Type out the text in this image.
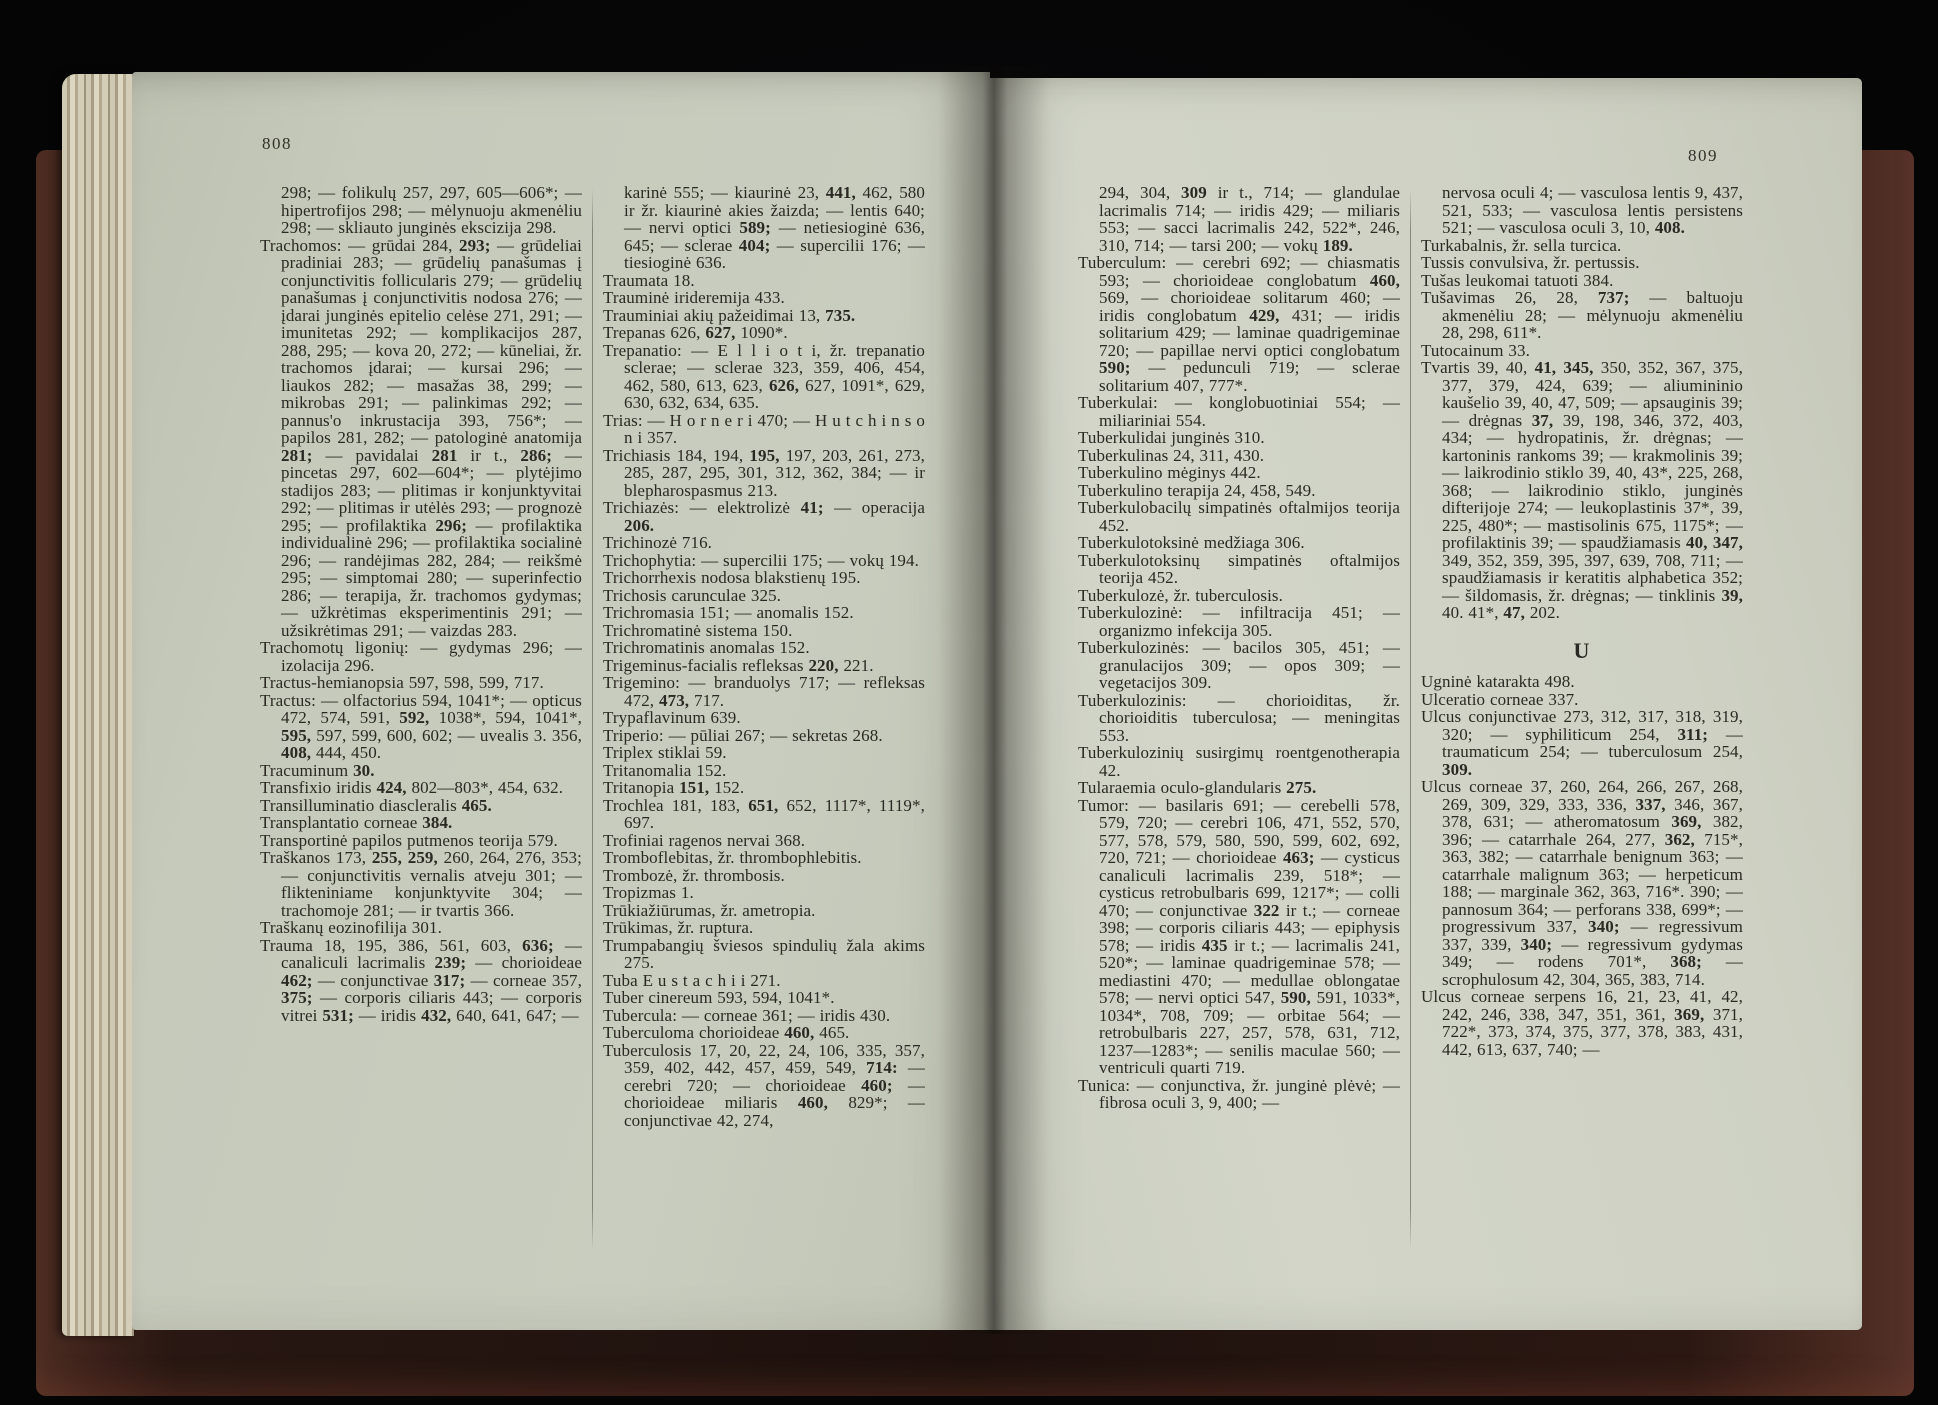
808

298; — folikulų 257, 297, 605—606*; — hipertrofijos 298; — mėlynuoju akmenėliu 298; — skliauto junginės ekscizija 298.

Trachomos: — grūdai 284, 293; — grūdeliai pradiniai 283; — grūdelių panašumas į conjunctivitis follicularis 279; — grūdelių panašumas į conjunctivitis nodosa 276; — įdarai junginės epitelio celėse 271, 291; — imunitetas 292; — komplikacijos 287, 288, 295; — kova 20, 272; — kūneliai, žr. trachomos įdarai; — kursai 296; — liaukos 282; — masažas 38, 299; — mikrobas 291; — palinkimas 292; — pannus'o inkrustacija 393, 756*; — papilos 281, 282; — patologinė anatomija 281; — pavidalai 281 ir t., 286; — pincetas 297, 602—604*; — plytėjimo stadijos 283; — plitimas ir konjunktyvitai 292; — plitimas ir utėlės 293; — prognozė 295; — profilaktika 296; — profilaktika individualinė 296; — profilaktika socialinė 296; — randėjimas 282, 284; — reikšmė 295; — simptomai 280; — superinfectio 286; — terapija, žr. trachomos gydymas; — užkrėtimas eksperimentinis 291; — užsikrėtimas 291; — vaizdas 283.

Trachomotų ligonių: — gydymas 296; — izolacija 296.

Tractus-hemianopsia 597, 598, 599, 717.

Tractus: — olfactorius 594, 1041*; — opticus 472, 574, 591, 592, 1038*, 594, 1041*, 595, 597, 599, 600, 602; — uvealis 3. 356, 408, 444, 450.

Tracuminum 30.

Transfixio iridis 424, 802—803*, 454, 632.

Transilluminatio diascleralis 465.

Transplantatio corneae 384.

Transportinė papilos putmenos teorija 579.

Traškanos 173, 255, 259, 260, 264, 276, 353; — conjunctivitis vernalis atveju 301; — flikteniniame konjunktyvite 304; — trachomoje 281; — ir tvartis 366.

Traškanų eozinofilija 301.

Trauma 18, 195, 386, 561, 603, 636; — canaliculi lacrimalis 239; — chorioideae 462; — conjunctivae 317; — corneae 357, 375; — corporis ciliaris 443; — corporis vitrei 531; — iridis 432, 640, 641, 647; —

karinė 555; — kiaurinė 23, 441, 462, 580 ir žr. kiaurinė akies žaizda; — lentis 640; — nervi optici 589; — netiesioginė 636, 645; — sclerae 404; — supercilii 176; — tiesioginė 636.

Traumata 18.

Trauminė irideremija 433.

Trauminiai akių pažeidimai 13, 735.

Trepanas 626, 627, 1090*.

Trepanatio: — E l l i o t i, žr. trepanatio sclerae; — sclerae 323, 359, 406, 454, 462, 580, 613, 623, 626, 627, 1091*, 629, 630, 632, 634, 635.

Trias: — H o r n e r i 470; — H u t c h i n s o n i 357.

Trichiasis 184, 194, 195, 197, 203, 261, 273, 285, 287, 295, 301, 312, 362, 384; — ir blepharospasmus 213.

Trichiazės: — elektrolizė 41; — operacija 206.

Trichinozė 716.

Trichophytia: — supercilii 175; — vokų 194.

Trichorrhexis nodosa blakstienų 195.

Trichosis carunculae 325.

Trichromasia 151; — anomalis 152.

Trichromatinė sistema 150.

Trichromatinis anomalas 152.

Trigeminus-facialis refleksas 220, 221.

Trigemino: — branduolys 717; — refleksas 472, 473, 717.

Trypaflavinum 639.

Triperio: — pūliai 267; — sekretas 268.

Triplex stiklai 59.

Tritanomalia 152.

Tritanopia 151, 152.

Trochlea 181, 183, 651, 652, 1117*, 1119*, 697.

Trofiniai ragenos nervai 368.

Tromboflebitas, žr. thrombophlebitis.

Trombozė, žr. thrombosis.

Tropizmas 1.

Trūkiažiūrumas, žr. ametropia.

Trūkimas, žr. ruptura.

Trumpabangių šviesos spindulių žala akims 275.

Tuba E u s t a c h i i 271.

Tuber cinereum 593, 594, 1041*.

Tubercula: — corneae 361; — iridis 430.

Tuberculoma chorioideae 460, 465.

Tuberculosis 17, 20, 22, 24, 106, 335, 357, 359, 402, 442, 457, 459, 549, 714: — cerebri 720; — chorioideae 460; — chorioideae miliaris 460, 829*; — conjunctivae 42, 274,

809

294, 304, 309 ir t., 714; — glandulae lacrimalis 714; — iridis 429; — miliaris 553; — sacci lacrimalis 242, 522*, 246, 310, 714; — tarsi 200; — vokų 189.

Tuberculum: — cerebri 692; — chiasmatis 593; — chorioideae conglobatum 460, 569, — chorioideae solitarum 460; — iridis conglobatum 429, 431; — iridis solitarium 429; — laminae quadrigeminae 720; — papillae nervi optici conglobatum 590; — pedunculi 719; — sclerae solitarium 407, 777*.

Tuberkulai: — konglobuotiniai 554; — miliariniai 554.

Tuberkulidai junginės 310.

Tuberkulinas 24, 311, 430.

Tuberkulino mėginys 442.

Tuberkulino terapija 24, 458, 549.

Tuberkulobacilų simpatinės oftalmijos teorija 452.

Tuberkulotoksinė medžiaga 306.

Tuberkulotoksinų simpatinės oftalmijos teorija 452.

Tuberkulozė, žr. tuberculosis.

Tuberkulozinė: — infiltracija 451; — organizmo infekcija 305.

Tuberkulozinės: — bacilos 305, 451; — granulacijos 309; — opos 309; — vegetacijos 309.

Tuberkulozinis: — chorioiditas, žr. chorioiditis tuberculosa; — meningitas 553.

Tuberkulozinių susirgimų roentgenotherapia 42.

Tularaemia oculo-glandularis 275.

Tumor: — basilaris 691; — cerebelli 578, 579, 720; — cerebri 106, 471, 552, 570, 577, 578, 579, 580, 590, 599, 602, 692, 720, 721; — chorioideae 463; — cysticus canaliculi lacrimalis 239, 518*; — cysticus retrobulbaris 699, 1217*; — colli 470; — conjunctivae 322 ir t.; — corneae 398; — corporis ciliaris 443; — epiphysis 578; — iridis 435 ir t.; — lacrimalis 241, 520*; — laminae quadrigeminae 578; — mediastini 470; — medullae oblongatae 578; — nervi optici 547, 590, 591, 1033*, 1034*, 708, 709; — orbitae 564; — retrobulbaris 227, 257, 578, 631, 712, 1237—1283*; — senilis maculae 560; — ventriculi quarti 719.

Tunica: — conjunctiva, žr. junginė plėvė; — fibrosa oculi 3, 9, 400; —

nervosa oculi 4; — vasculosa lentis 9, 437, 521, 533; — vasculosa lentis persistens 521; — vasculosa oculi 3, 10, 408.

Turkabalnis, žr. sella turcica.

Tussis convulsiva, žr. pertussis.

Tušas leukomai tatuoti 384.

Tušavimas 26, 28, 737; — baltuoju akmenėliu 28; — mėlynuoju akmenėliu 28, 298, 611*.

Tutocainum 33.

Tvartis 39, 40, 41, 345, 350, 352, 367, 375, 377, 379, 424, 639; — aliumininio kaušelio 39, 40, 47, 509; — apsauginis 39; — drėgnas 37, 39, 198, 346, 372, 403, 434; — hydropatinis, žr. drėgnas; — kartoninis rankoms 39; — krakmolinis 39; — laikrodinio stiklo 39, 40, 43*, 225, 268, 368; — laikrodinio stiklo, junginės difterijoje 274; — leukoplastinis 37*, 39, 225, 480*; — mastisolinis 675, 1175*; — profilaktinis 39; — spaudžiamasis 40, 347, 349, 352, 359, 395, 397, 639, 708, 711; — spaudžiamasis ir keratitis alphabetica 352; — šildomasis, žr. drėgnas; — tinklinis 39, 40. 41*, 47, 202.

U

Ugninė katarakta 498.

Ulceratio corneae 337.

Ulcus conjunctivae 273, 312, 317, 318, 319, 320; — syphiliticum 254, 311; — traumaticum 254; — tuberculosum 254, 309.

Ulcus corneae 37, 260, 264, 266, 267, 268, 269, 309, 329, 333, 336, 337, 346, 367, 378, 631; — atheromatosum 369, 382, 396; — catarrhale 264, 277, 362, 715*, 363, 382; — catarrhale benignum 363; — catarrhale malignum 363; — herpeticum 188; — marginale 362, 363, 716*. 390; — pannosum 364; — perforans 338, 699*; — progressivum 337, 340; — regressivum 337, 339, 340; — regressivum gydymas 349; — rodens 701*, 368; — scrophulosum 42, 304, 365, 383, 714.

Ulcus corneae serpens 16, 21, 23, 41, 42, 242, 246, 338, 347, 351, 361, 369, 371, 722*, 373, 374, 375, 377, 378, 383, 431, 442, 613, 637, 740; —
